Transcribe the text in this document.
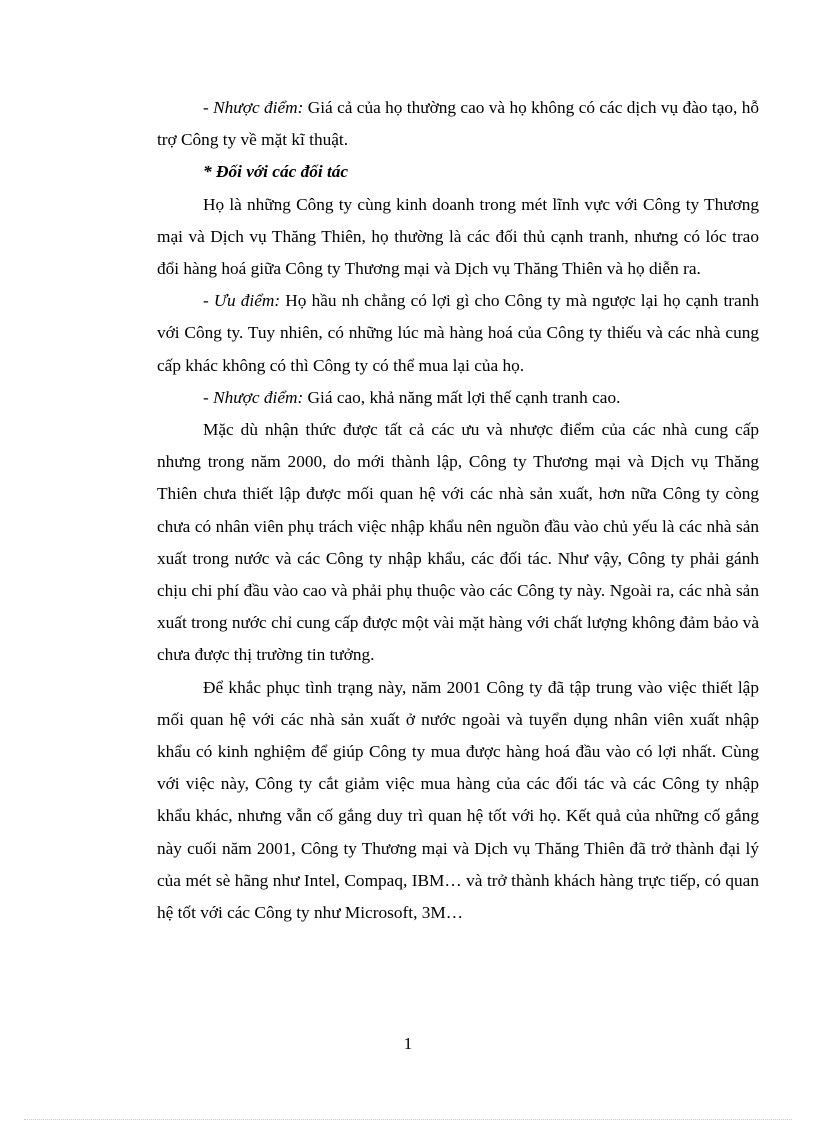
- Nhược điểm: Giá cả của họ thường cao và họ không có các dịch vụ đào tạo, hỗ trợ Công ty về mặt kĩ thuật.

* Đối với các đối tác

Họ là những Công ty cùng kinh doanh trong mét lĩnh vực với Công ty Thương mại và Dịch vụ Thăng Thiên, họ thường là các đối thủ cạnh tranh, nhưng có lóc trao đổi hàng hoá giữa Công ty Thương mại và Dịch vụ Thăng Thiên và họ diễn ra.

- Ưu điểm: Họ hầu nh chẳng có lợi gì cho Công ty mà ngược lại họ cạnh tranh với Công ty. Tuy nhiên, có những lúc mà hàng hoá của Công ty thiếu và các nhà cung cấp khác không có thì Công ty có thể mua lại của họ.

- Nhược điểm: Giá cao, khả năng mất lợi thế cạnh tranh cao.

Mặc dù nhận thức được tất cả các ưu và nhược điểm của các nhà cung cấp nhưng trong năm 2000, do mới thành lập, Công ty Thương mại và Dịch vụ Thăng Thiên chưa thiết lập được mối quan hệ với các nhà sản xuất, hơn nữa Công ty còng chưa có nhân viên phụ trách việc nhập khẩu nên nguồn đầu vào chủ yếu là các nhà sản xuất trong nước và các Công ty nhập khẩu, các đối tác. Như vậy, Công ty phải gánh chịu chi phí đầu vào cao và phải phụ thuộc vào các Công ty này. Ngoài ra, các nhà sản xuất trong nước chỉ cung cấp được một vài mặt hàng với chất lượng không đảm bảo và chưa được thị trường tin tưởng.

Để khắc phục tình trạng này, năm 2001 Công ty đã tập trung vào việc thiết lập mối quan hệ với các nhà sản xuất ở nước ngoài và tuyển dụng nhân viên xuất nhập khẩu có kinh nghiệm để giúp Công ty mua được hàng hoá đầu vào có lợi nhất. Cùng với việc này, Công ty cắt giảm việc mua hàng của các đối tác và các Công ty nhập khẩu khác, nhưng vẫn cố gắng duy trì quan hệ tốt với họ. Kết quả của những cố gắng này cuối năm 2001, Công ty Thương mại và Dịch vụ Thăng Thiên đã trở thành đại lý của mét sè hãng như Intel, Compaq, IBM… và trở thành khách hàng trực tiếp, có quan hệ tốt với các Công ty như Microsoft, 3M…

1
